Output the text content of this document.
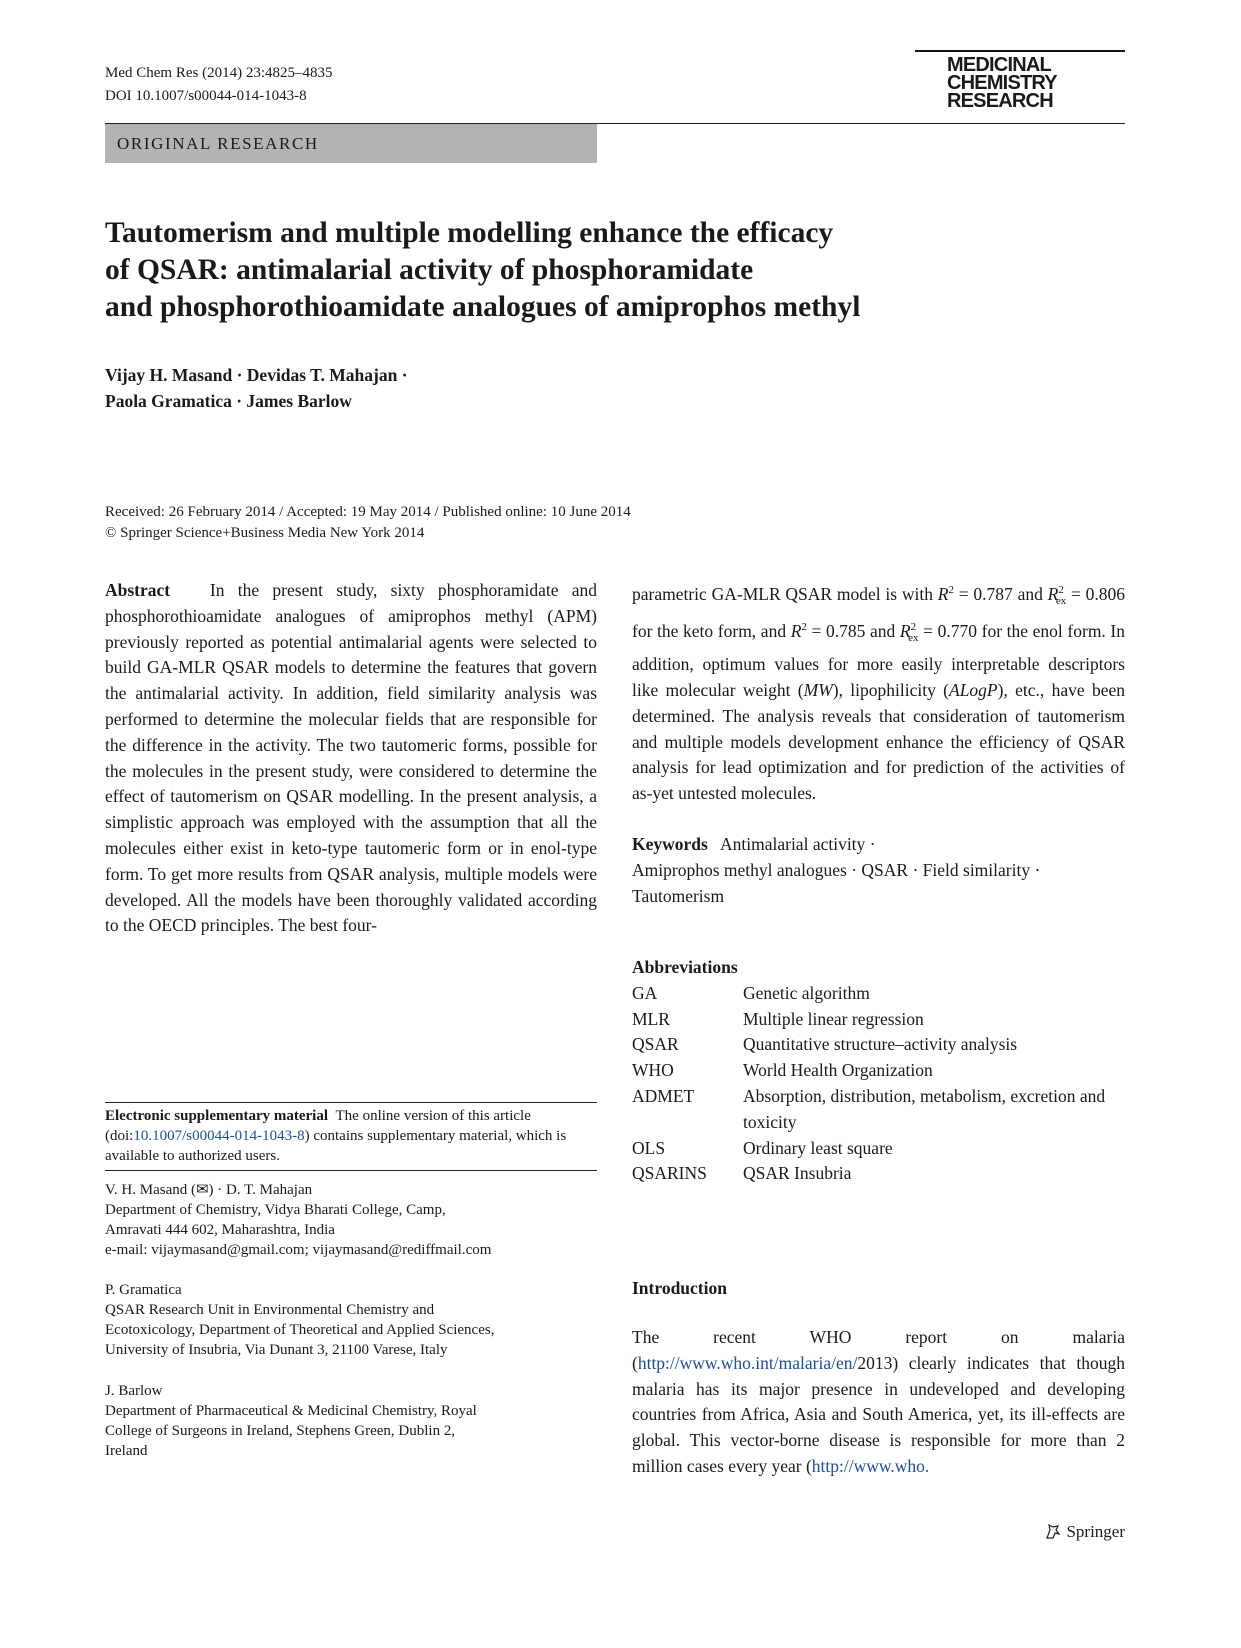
Med Chem Res (2014) 23:4825–4835
DOI 10.1007/s00044-014-1043-8
MEDICINAL
CHEMISTRY
RESEARCH
ORIGINAL RESEARCH
Tautomerism and multiple modelling enhance the efficacy
of QSAR: antimalarial activity of phosphoramidate
and phosphorothioamidate analogues of amiprophos methyl
Vijay H. Masand · Devidas T. Mahajan ·
Paola Gramatica · James Barlow
Received: 26 February 2014 / Accepted: 19 May 2014 / Published online: 10 June 2014
© Springer Science+Business Media New York 2014
Abstract In the present study, sixty phosphoramidate and phosphorothioamidate analogues of amiprophos methyl (APM) previously reported as potential antimalarial agents were selected to build GA-MLR QSAR models to determine the features that govern the antimalarial activity. In addition, field similarity analysis was performed to determine the molecular fields that are responsible for the difference in the activity. The two tautomeric forms, possible for the molecules in the present study, were considered to determine the effect of tautomerism on QSAR modelling. In the present analysis, a simplistic approach was employed with the assumption that all the molecules either exist in keto-type tautomeric form or in enol-type form. To get more results from QSAR analysis, multiple models were developed. All the models have been thoroughly validated according to the OECD principles. The best four-
parametric GA-MLR QSAR model is with $R^2 = 0.787$ and $R^2_{ex} = 0.806$ for the keto form, and $R^2 = 0.785$ and $R^2_{ex} = 0.770$ for the enol form. In addition, optimum values for more easily interpretable descriptors like molecular weight (MW), lipophilicity (ALogP), etc., have been determined. The analysis reveals that consideration of tautomerism and multiple models development enhance the efficiency of QSAR analysis for lead optimization and for prediction of the activities of as-yet untested molecules.
Keywords Antimalarial activity ·
Amiprophos methyl analogues · QSAR · Field similarity ·
Tautomerism
Abbreviations
GA	Genetic algorithm
MLR	Multiple linear regression
QSAR	Quantitative structure–activity analysis
WHO	World Health Organization
ADMET	Absorption, distribution, metabolism, excretion and toxicity
OLS	Ordinary least square
QSARINS	QSAR Insubria
Electronic supplementary material The online version of this article (doi:10.1007/s00044-014-1043-8) contains supplementary material, which is available to authorized users.
V. H. Masand (✉) · D. T. Mahajan
Department of Chemistry, Vidya Bharati College, Camp,
Amravati 444 602, Maharashtra, India
e-mail: vijaymasand@gmail.com; vijaymasand@rediffmail.com
P. Gramatica
QSAR Research Unit in Environmental Chemistry and
Ecotoxicology, Department of Theoretical and Applied Sciences,
University of Insubria, Via Dunant 3, 21100 Varese, Italy
J. Barlow
Department of Pharmaceutical & Medicinal Chemistry, Royal
College of Surgeons in Ireland, Stephens Green, Dublin 2,
Ireland
Introduction
The recent WHO report on malaria (http://www.who.int/malaria/en/2013) clearly indicates that though malaria has its major presence in undeveloped and developing countries from Africa, Asia and South America, yet, its ill-effects are global. This vector-borne disease is responsible for more than 2 million cases every year (http://www.who.
Springer
